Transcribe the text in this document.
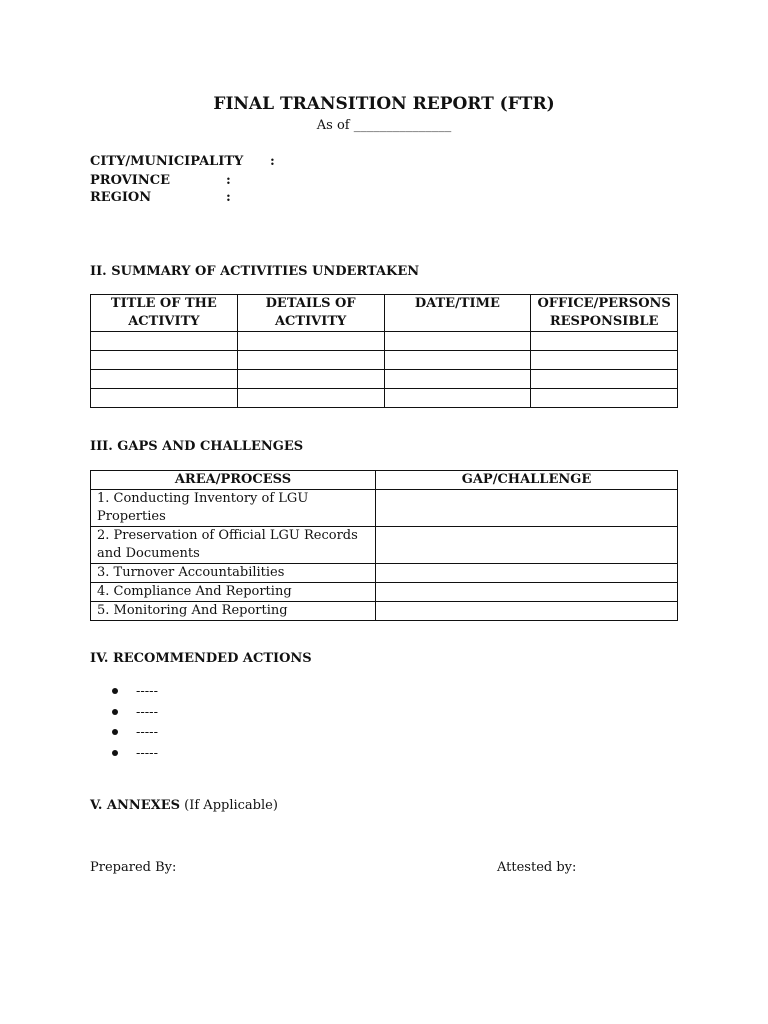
FINAL TRANSITION REPORT (FTR)
As of _______________
CITY/MUNICIPALITY :
PROVINCE	:
REGION	:
II. SUMMARY OF ACTIVITIES UNDERTAKEN
TITLE OF THE ACTIVITY	DETAILS OF ACTIVITY	DATE/TIME	OFFICE/PERSONS RESPONSIBLE

III. GAPS AND CHALLENGES
AREA/PROCESS	GAP/CHALLENGE
1. Conducting Inventory of LGU Properties	
2. Preservation of Official LGU Records and Documents	
3. Turnover Accountabilities	
4. Compliance And Reporting	
5. Monitoring And Reporting	
IV. RECOMMENDED ACTIONS
-----
-----
-----
-----
V. ANNEXES (If Applicable)
Prepared By:	Attested by:
